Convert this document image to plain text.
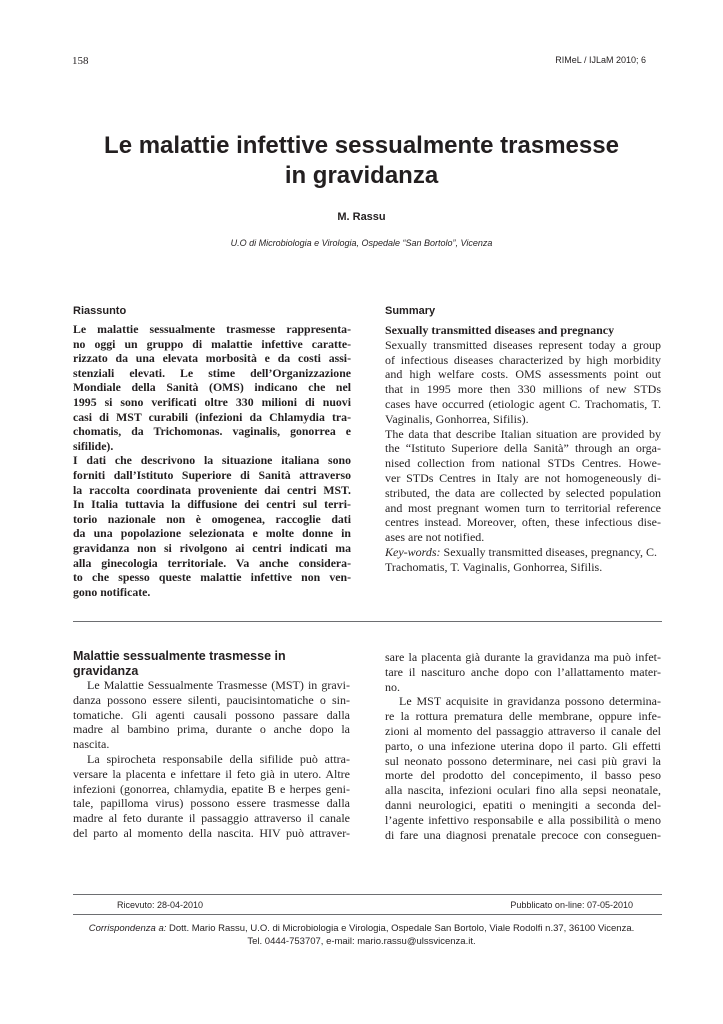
158	RIMeL / IJLaM 2010; 6
Le malattie infettive sessualmente trasmesse
in gravidanza
M. Rassu
U.O di Microbiologia e Virologia, Ospedale “San Bortolo”, Vicenza
Riassunto
Le malattie sessualmente trasmesse rappresenta-
no oggi un gruppo di malattie infettive caratte-
rizzato da una elevata morbosità e da costi assi-
stenziali elevati. Le stime dell’Organizzazione
Mondiale della Sanità (OMS) indicano che nel
1995 si sono verificati oltre 330 milioni di nuovi
casi di MST curabili (infezioni da Chlamydia tra-
chomatis, da Trichomonas. vaginalis, gonorrea e
sifilide).
I dati che descrivono la situazione italiana sono
forniti dall’Istituto Superiore di Sanità attraverso
la raccolta coordinata proveniente dai centri MST.
In Italia tuttavia la diffusione dei centri sul terri-
torio nazionale non è omogenea, raccoglie dati
da una popolazione selezionata e molte donne in
gravidanza non si rivolgono ai centri indicati ma
alla ginecologia territoriale. Va anche considera-
to che spesso queste malattie infettive non ven-
gono notificate.
Summary
Sexually transmitted diseases and pregnancy
Sexually transmitted diseases represent today a group
of infectious diseases characterized by high morbidity
and high welfare costs. OMS assessments point out
that in 1995 more then 330 millions of new STDs
cases have occurred (etiologic agent C. Trachomatis, T.
Vaginalis, Gonhorrea, Sifilis).
The data that describe Italian situation are provided by
the “Istituto Superiore della Sanità” through an orga-
nised collection from national STDs Centres. Howe-
ver STDs Centres in Italy are not homogeneously di-
stributed, the data are collected by selected population
and most pregnant women turn to territorial reference
centres instead. Moreover, often, these infectious dise-
ases are not notified.
Key-words: Sexually transmitted diseases, pregnancy, C.
Trachomatis, T. Vaginalis, Gonhorrea, Sifilis.
Malattie sessualmente trasmesse in gravidanza
Le Malattie Sessualmente Trasmesse (MST) in gravi-
danza possono essere silenti, paucisintomatiche o sin-
tomatiche. Gli agenti causali possono passare dalla
madre al bambino prima, durante o anche dopo la
nascita.
La spirocheta responsabile della sifilide può attra-
versare la placenta e infettare il feto già in utero. Altre
infezioni (gonorrea, chlamydia, epatite B e herpes geni-
tale, papilloma virus) possono essere trasmesse dalla
madre al feto durante il passaggio attraverso il canale
del parto al momento della nascita. HIV può attraver-
sare la placenta già durante la gravidanza ma può infet-
tare il nascituro anche dopo con l’allattamento mater-
no.
Le MST acquisite in gravidanza possono determina-
re la rottura prematura delle membrane, oppure infe-
zioni al momento del passaggio attraverso il canale del
parto, o una infezione uterina dopo il parto. Gli effetti
sul neonato possono determinare, nei casi più gravi la
morte del prodotto del concepimento, il basso peso
alla nascita, infezioni oculari fino alla sepsi neonatale,
danni neurologici, epatiti o meningiti a seconda del-
l’agente infettivo responsabile e alla possibilità o meno
di fare una diagnosi prenatale precoce con conseguen-
Ricevuto: 28-04-2010	Pubblicato on-line: 07-05-2010
Corrispondenza a: Dott. Mario Rassu, U.O. di Microbiologia e Virologia, Ospedale San Bortolo, Viale Rodolfi n.37, 36100 Vicenza.
Tel. 0444-753707, e-mail: mario.rassu@ulssvicenza.it.
